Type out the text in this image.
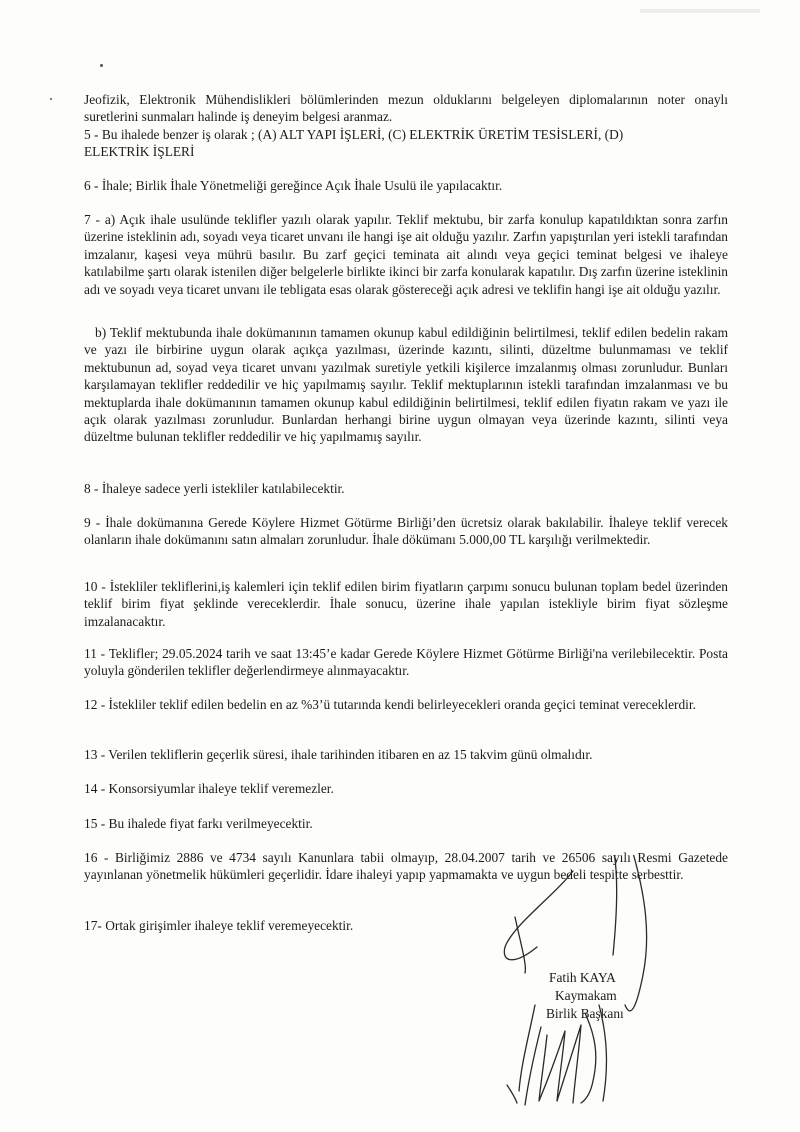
Jeofizik, Elektronik Mühendislikleri bölümlerinden mezun olduklarını belgeleyen diplomalarının noter onaylı suretlerini sunmaları halinde iş deneyim belgesi aranmaz.

5 - Bu ihalede benzer iş olarak ; (A) ALT YAPI İŞLERİ, (C) ELEKTRİK ÜRETİM TESİSLERİ, (D)
ELEKTRİK İŞLERİ

6 - İhale; Birlik İhale Yönetmeliği gereğince Açık İhale Usulü ile yapılacaktır.

7 - a) Açık ihale usulünde teklifler yazılı olarak yapılır. Teklif mektubu, bir zarfa konulup kapatıldıktan sonra zarfın üzerine isteklinin adı, soyadı veya ticaret unvanı ile hangi işe ait olduğu yazılır. Zarfın yapıştırılan yeri istekli tarafından imzalanır, kaşesi veya mührü basılır. Bu zarf geçici teminata ait alındı veya geçici teminat belgesi ve ihaleye katılabilme şartı olarak istenilen diğer belgelerle birlikte ikinci bir zarfa konularak kapatılır. Dış zarfın üzerine isteklinin adı ve soyadı veya ticaret unvanı ile tebligata esas olarak göstereceği açık adresi ve teklifin hangi işe ait olduğu yazılır.

b) Teklif mektubunda ihale dokümanının tamamen okunup kabul edildiğinin belirtilmesi, teklif edilen bedelin rakam ve yazı ile birbirine uygun olarak açıkça yazılması, üzerinde kazıntı, silinti, düzeltme bulunmaması ve teklif mektubunun ad, soyad veya ticaret unvanı yazılmak suretiyle yetkili kişilerce imzalanmış olması zorunludur. Bunları karşılamayan teklifler reddedilir ve hiç yapılmamış sayılır. Teklif mektuplarının istekli tarafından imzalanması ve bu mektuplarda ihale dokümanının tamamen okunup kabul edildiğinin belirtilmesi, teklif edilen fiyatın rakam ve yazı ile açık olarak yazılması zorunludur. Bunlardan herhangi birine uygun olmayan veya üzerinde kazıntı, silinti veya düzeltme bulunan teklifler reddedilir ve hiç yapılmamış sayılır.

8 - İhaleye sadece yerli istekliler katılabilecektir.

9 - İhale dokümanına Gerede Köylere Hizmet Götürme Birliği’den ücretsiz olarak bakılabilir. İhaleye teklif verecek olanların ihale dokümanını satın almaları zorunludur. İhale dökümanı 5.000,00 TL karşılığı verilmektedir.

10 - İstekliler tekliflerini,iş kalemleri için teklif edilen birim fiyatların çarpımı sonucu bulunan toplam bedel üzerinden teklif birim fiyat şeklinde vereceklerdir. İhale sonucu, üzerine ihale yapılan istekliyle birim fiyat sözleşme imzalanacaktır.

11 - Teklifler; 29.05.2024 tarih ve saat 13:45’e kadar Gerede Köylere Hizmet Götürme Birliği'na verilebilecektir. Posta yoluyla gönderilen teklifler değerlendirmeye alınmayacaktır.

12 - İstekliler teklif edilen bedelin en az %3’ü tutarında kendi belirleyecekleri oranda geçici teminat vereceklerdir.

13 - Verilen tekliflerin geçerlik süresi, ihale tarihinden itibaren en az 15 takvim günü olmalıdır.

14 - Konsorsiyumlar ihaleye teklif veremezler.

15 - Bu ihalede fiyat farkı verilmeyecektir.

16 - Birliğimiz 2886 ve 4734 sayılı Kanunlara tabii olmayıp, 28.04.2007 tarih ve 26506 sayılı Resmi Gazetede yayınlanan yönetmelik hükümleri geçerlidir. İdare ihaleyi yapıp yapmamakta ve uygun bedeli tespitte serbesttir.

17- Ortak girişimler ihaleye teklif veremeyecektir.

Fatih KAYA
Kaymakam
Birlik Başkanı
